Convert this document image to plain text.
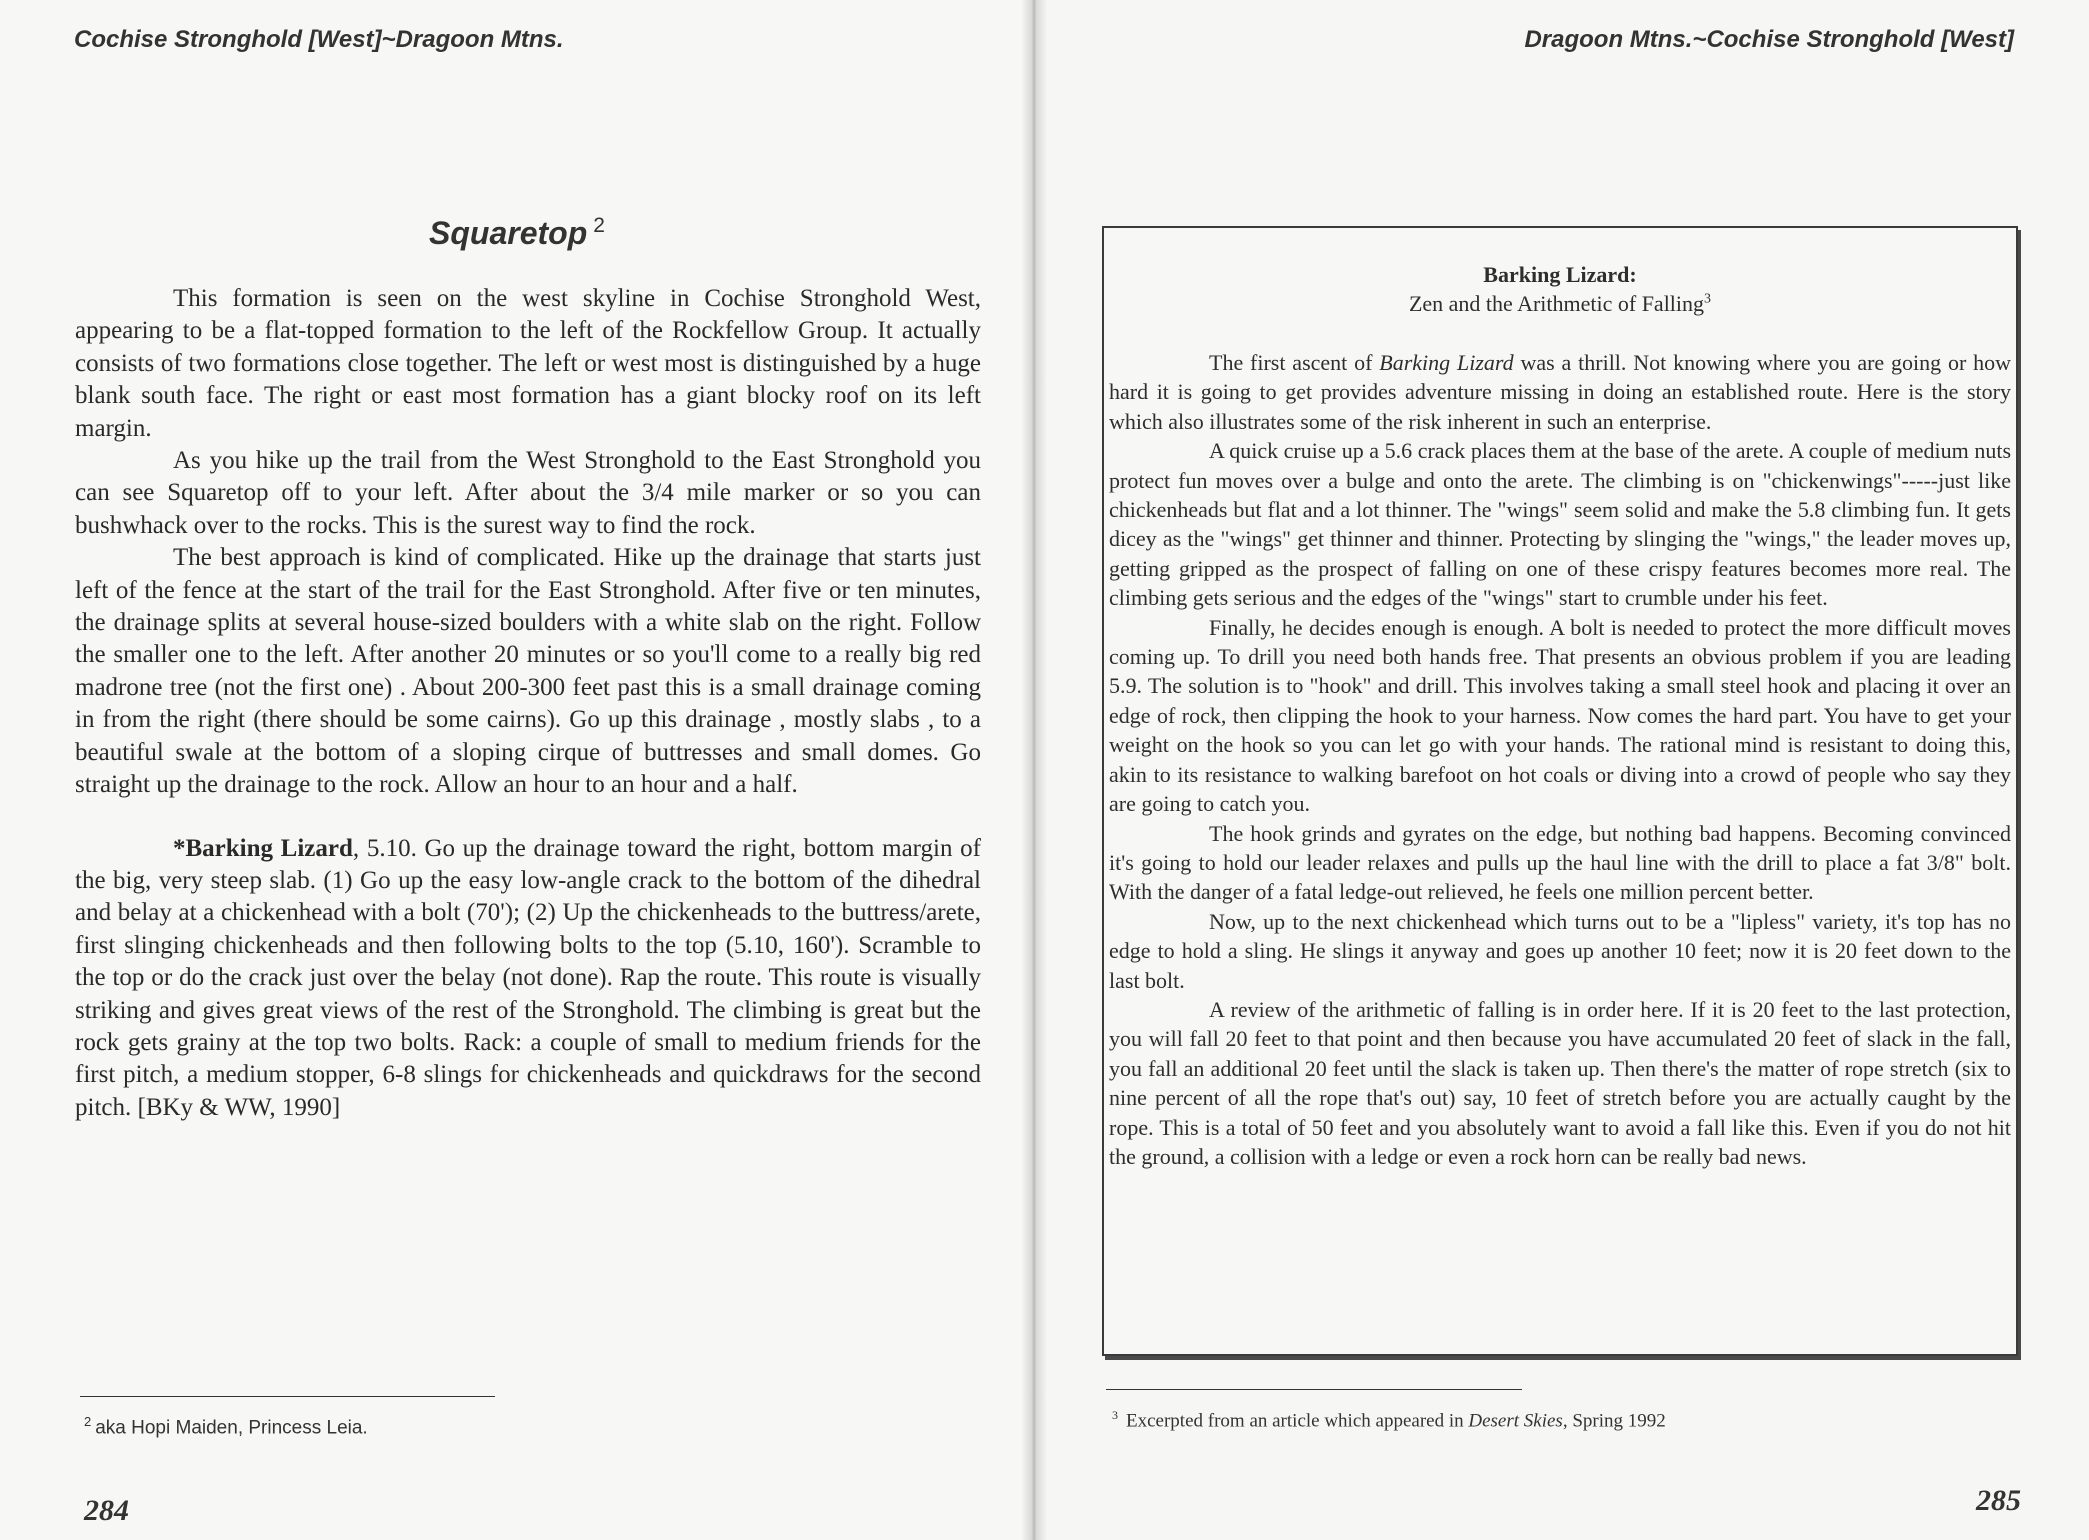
Cochise Stronghold [West]~Dragoon Mtns.
Squaretop $^2$

This formation is seen on the west skyline in Cochise Stronghold West, appearing to be a flat-topped formation to the left of the Rockfellow Group. It actually consists of two formations close together. The left or west most is distinguished by a huge blank south face. The right or east most formation has a giant blocky roof on its left margin.

As you hike up the trail from the West Stronghold to the East Stronghold you can see Squaretop off to your left. After about the 3/4 mile marker or so you can bushwhack over to the rocks. This is the surest way to find the rock.

The best approach is kind of complicated. Hike up the drainage that starts just left of the fence at the start of the trail for the East Stronghold. After five or ten minutes, the drainage splits at several house-sized boulders with a white slab on the right. Follow the smaller one to the left. After another 20 minutes or so you'll come to a really big red madrone tree (not the first one) . About 200-300 feet past this is a small drainage coming in from the right (there should be some cairns). Go up this drainage , mostly slabs , to a beautiful swale at the bottom of a sloping cirque of buttresses and small domes. Go straight up the drainage to the rock. Allow an hour to an hour and a half.

*Barking Lizard, 5.10. Go up the drainage toward the right, bottom margin of the big, very steep slab. (1) Go up the easy low-angle crack to the bottom of the dihedral and belay at a chickenhead with a bolt (70'); (2) Up the chickenheads to the buttress/arete, first slinging chickenheads and then following bolts to the top (5.10, 160'). Scramble to the top or do the crack just over the belay (not done). Rap the route. This route is visually striking and gives great views of the rest of the Stronghold. The climbing is great but the rock gets grainy at the top two bolts. Rack: a couple of small to medium friends for the first pitch, a medium stopper, 6-8 slings for chickenheads and quickdraws for the second pitch. [BKy & WW, 1990]

$^2$ aka Hopi Maiden, Princess Leia.
284
Dragoon Mtns.~Cochise Stronghold [West]
Barking Lizard:
Zen and the Arithmetic of Falling$^3$

The first ascent of Barking Lizard was a thrill. Not knowing where you are going or how hard it is going to get provides adventure missing in doing an established route. Here is the story which also illustrates some of the risk inherent in such an enterprise.

A quick cruise up a 5.6 crack places them at the base of the arete. A couple of medium nuts protect fun moves over a bulge and onto the arete. The climbing is on "chickenwings"-----just like chickenheads but flat and a lot thinner. The "wings" seem solid and make the 5.8 climbing fun. It gets dicey as the "wings" get thinner and thinner. Protecting by slinging the "wings," the leader moves up, getting gripped as the prospect of falling on one of these crispy features becomes more real. The climbing gets serious and the edges of the "wings" start to crumble under his feet.

Finally, he decides enough is enough. A bolt is needed to protect the more difficult moves coming up. To drill you need both hands free. That presents an obvious problem if you are leading 5.9. The solution is to "hook" and drill. This involves taking a small steel hook and placing it over an edge of rock, then clipping the hook to your harness. Now comes the hard part. You have to get your weight on the hook so you can let go with your hands. The rational mind is resistant to doing this, akin to its resistance to walking barefoot on hot coals or diving into a crowd of people who say they are going to catch you.

The hook grinds and gyrates on the edge, but nothing bad happens. Becoming convinced it's going to hold our leader relaxes and pulls up the haul line with the drill to place a fat 3/8" bolt. With the danger of a fatal ledge-out relieved, he feels one million percent better.

Now, up to the next chickenhead which turns out to be a "lipless" variety, it's top has no edge to hold a sling. He slings it anyway and goes up another 10 feet; now it is 20 feet down to the last bolt.

A review of the arithmetic of falling is in order here. If it is 20 feet to the last protection, you will fall 20 feet to that point and then because you have accumulated 20 feet of slack in the fall, you fall an additional 20 feet until the slack is taken up. Then there's the matter of rope stretch (six to nine percent of all the rope that's out) say, 10 feet of stretch before you are actually caught by the rope. This is a total of 50 feet and you absolutely want to avoid a fall like this. Even if you do not hit the ground, a collision with a ledge or even a rock horn can be really bad news.

$^3$ Excerpted from an article which appeared in Desert Skies, Spring 1992
285
